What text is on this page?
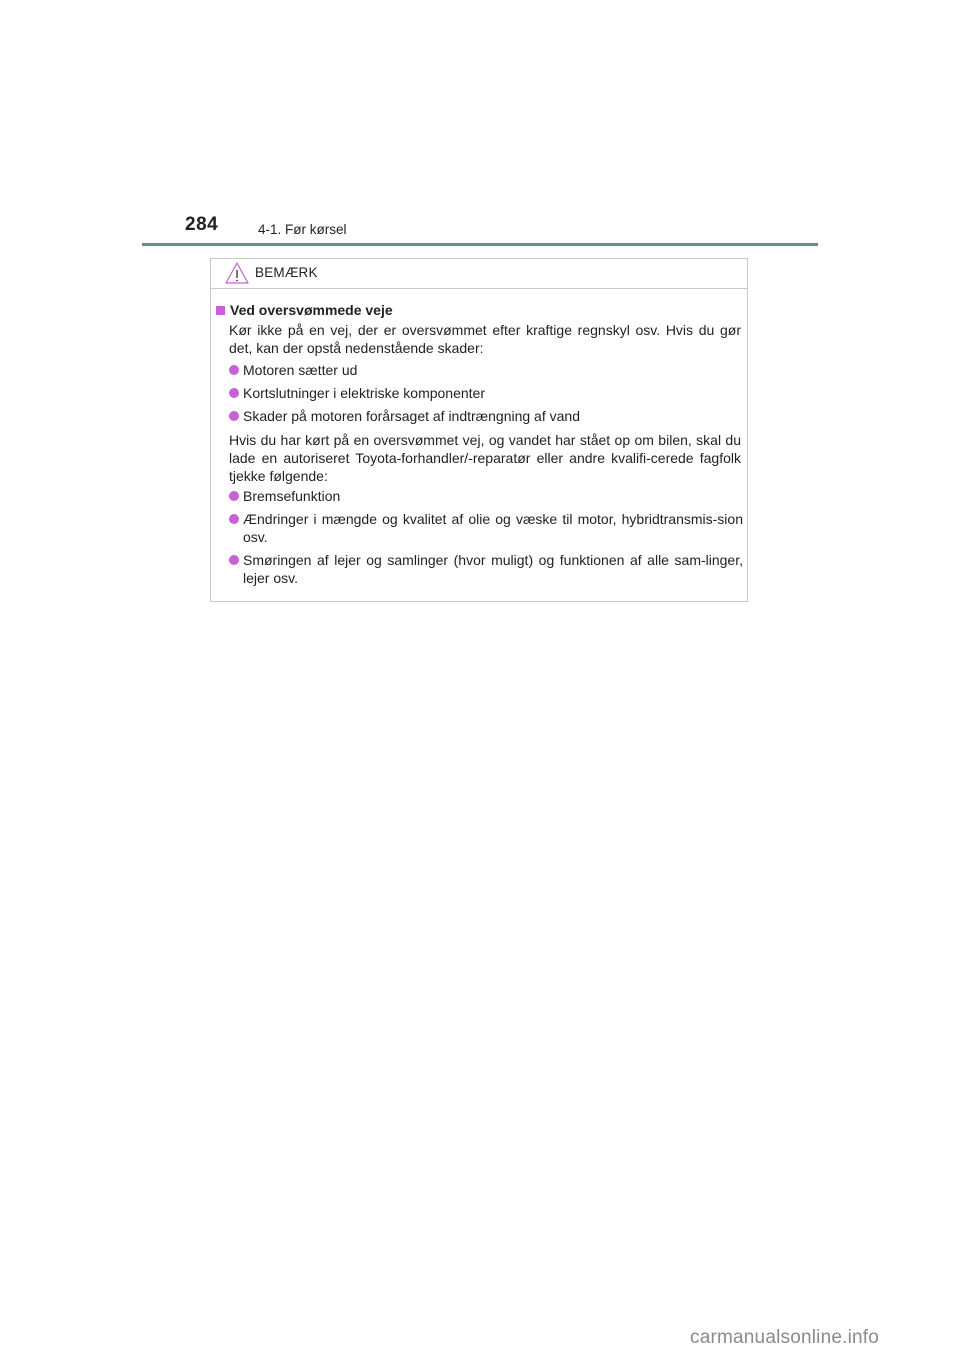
284	4-1. Før kørsel
BEMÆRK
Ved oversvømmede veje
Kør ikke på en vej, der er oversvømmet efter kraftige regnskyl osv. Hvis du gør det, kan der opstå nedenstående skader:
Motoren sætter ud
Kortslutninger i elektriske komponenter
Skader på motoren forårsaget af indtrængning af vand
Hvis du har kørt på en oversvømmet vej, og vandet har stået op om bilen, skal du lade en autoriseret Toyota-forhandler/-reparatør eller andre kvalifi-cerede fagfolk tjekke følgende:
Bremsefunktion
Ændringer i mængde og kvalitet af olie og væske til motor, hybridtransmis-sion osv.
Smøringen af lejer og samlinger (hvor muligt) og funktionen af alle sam-linger, lejer osv.
carmanualsonline.info
